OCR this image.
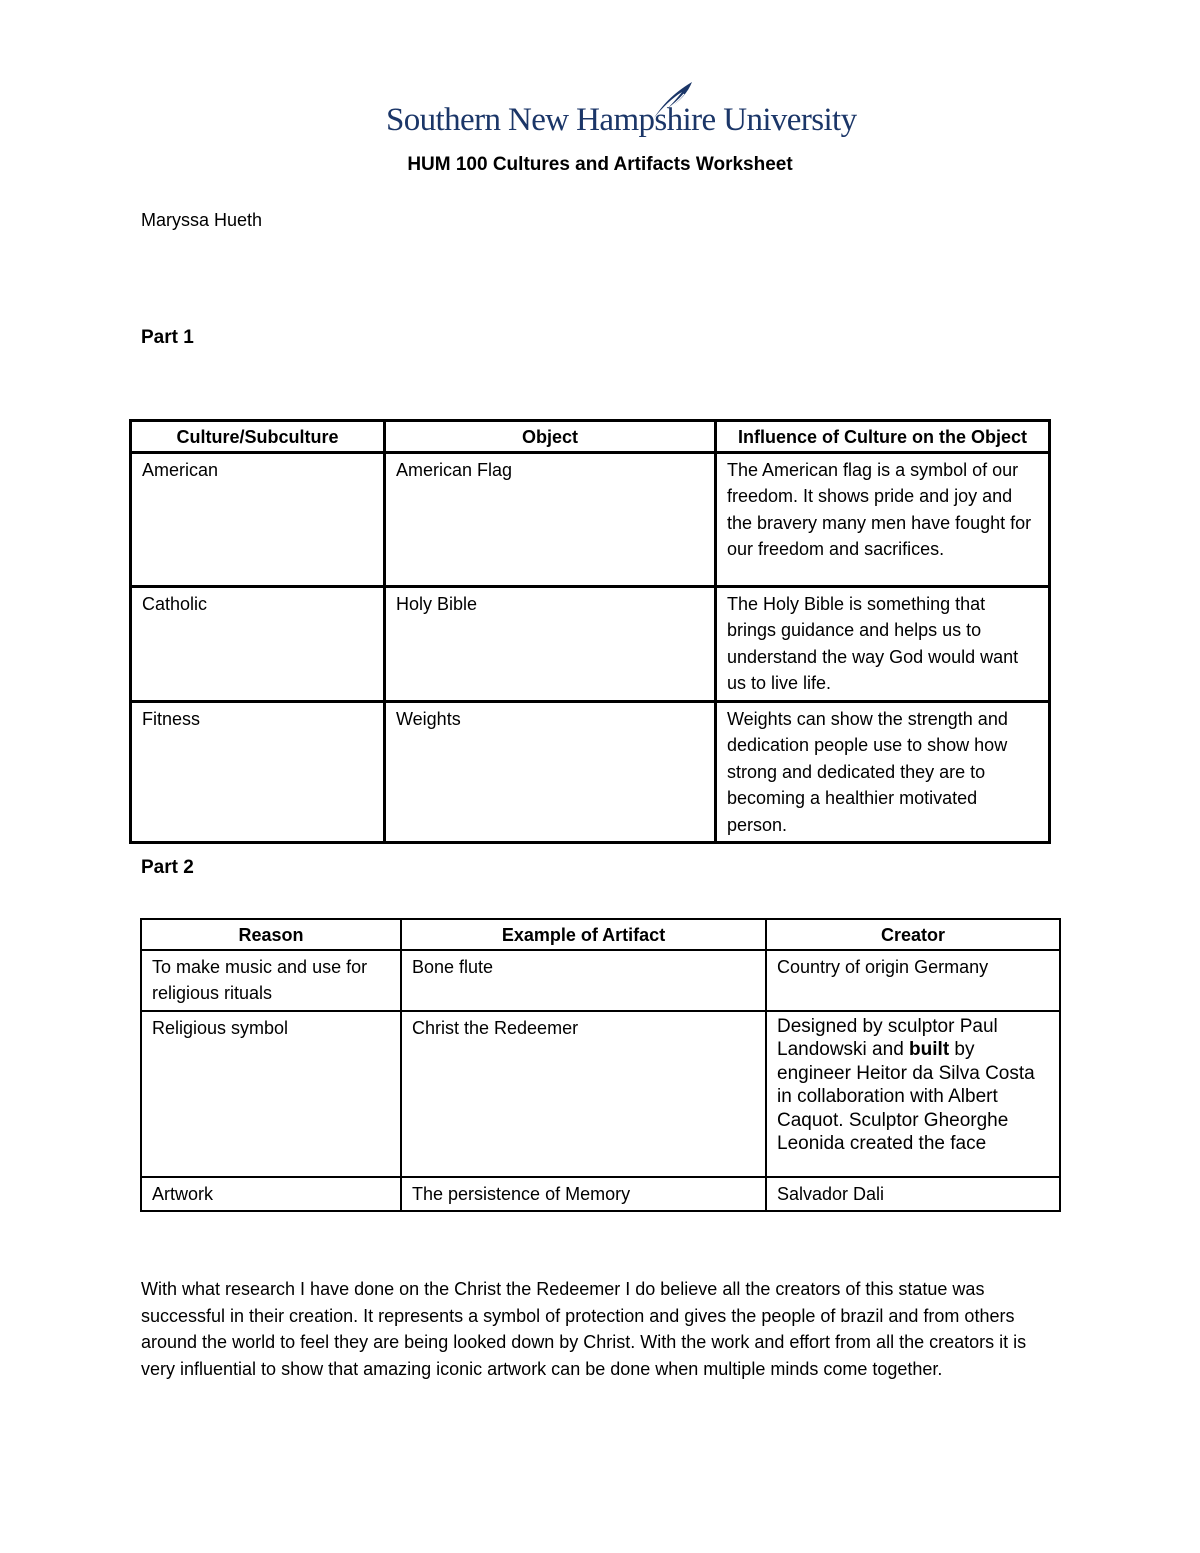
Southern New Hampshire University
HUM 100 Cultures and Artifacts Worksheet
Maryssa Hueth
Part 1
Culture/Subculture	Object	Influence of Culture on the Object
American	American Flag	The American flag is a symbol of our freedom. It shows pride and joy and the bravery many men have fought for our freedom and sacrifices.
Catholic	Holy Bible	The Holy Bible is something that brings guidance and helps us to understand the way God would want us to live life.
Fitness	Weights	Weights can show the strength and dedication people use to show how strong and dedicated they are to becoming a healthier motivated person.
Part 2
Reason	Example of Artifact	Creator
To make music and use for religious rituals	Bone flute	Country of origin Germany
Religious symbol	Christ the Redeemer	Designed by sculptor Paul Landowski and built by engineer Heitor da Silva Costa in collaboration with Albert Caquot. Sculptor Gheorghe Leonida created the face
Artwork	The persistence of Memory	Salvador Dali
With what research I have done on the Christ the Redeemer I do believe all the creators of this statue was successful in their creation. It represents a symbol of protection and gives the people of brazil and from others around the world to feel they are being looked down by Christ. With the work and effort from all the creators it is very influential to show that amazing iconic artwork can be done when multiple minds come together.
